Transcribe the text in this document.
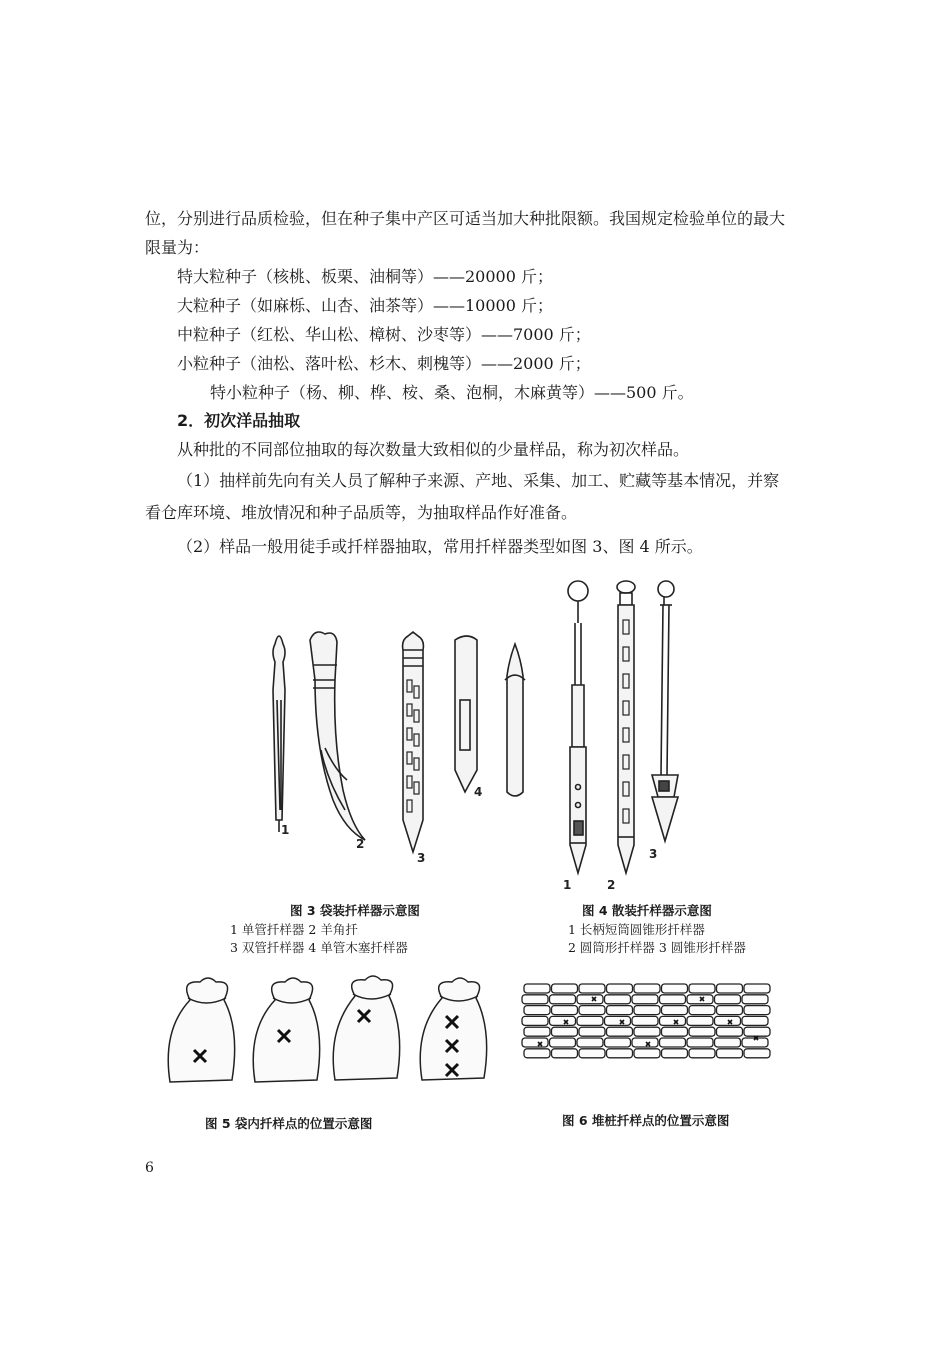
位，分别进行品质检验，但在种子集中产区可适当加大种批限额。我国规定检验单位的最大
限量为：
特大粒种子（核桃、板栗、油桐等）——20000 斤；
大粒种子（如麻栎、山杏、油茶等）——10000 斤；
中粒种子（红松、华山松、樟树、沙枣等）——7000 斤；
小粒种子（油松、落叶松、杉木、刺槐等）——2000 斤；
特小粒种子（杨、柳、桦、桉、桑、泡桐，木麻黄等）——500 斤。
2．初次洋品抽取
从种批的不同部位抽取的每次数量大致相似的少量样品，称为初次样品。
（1）抽样前先向有关人员了解种子来源、产地、采集、加工、贮藏等基本情况，并察
看仓库环境、堆放情况和种子品质等，为抽取样品作好准备。
（2）样品一般用徒手或扦样器抽取，常用扦样器类型如图 3、图 4 所示。
1
2
3
4
1	2
3
图 3 袋装扦样器示意图
1 单管扦样器 2 羊角扦
3 双管扦样器 4 单管木塞扦样器
图 4 散装扦样器示意图
1 长柄短筒圆锥形扦样器
2 圆筒形扦样器 3 圆锥形扦样器
图 5 袋内扦样点的位置示意图	图 6 堆桩扦样点的位置示意图
6
